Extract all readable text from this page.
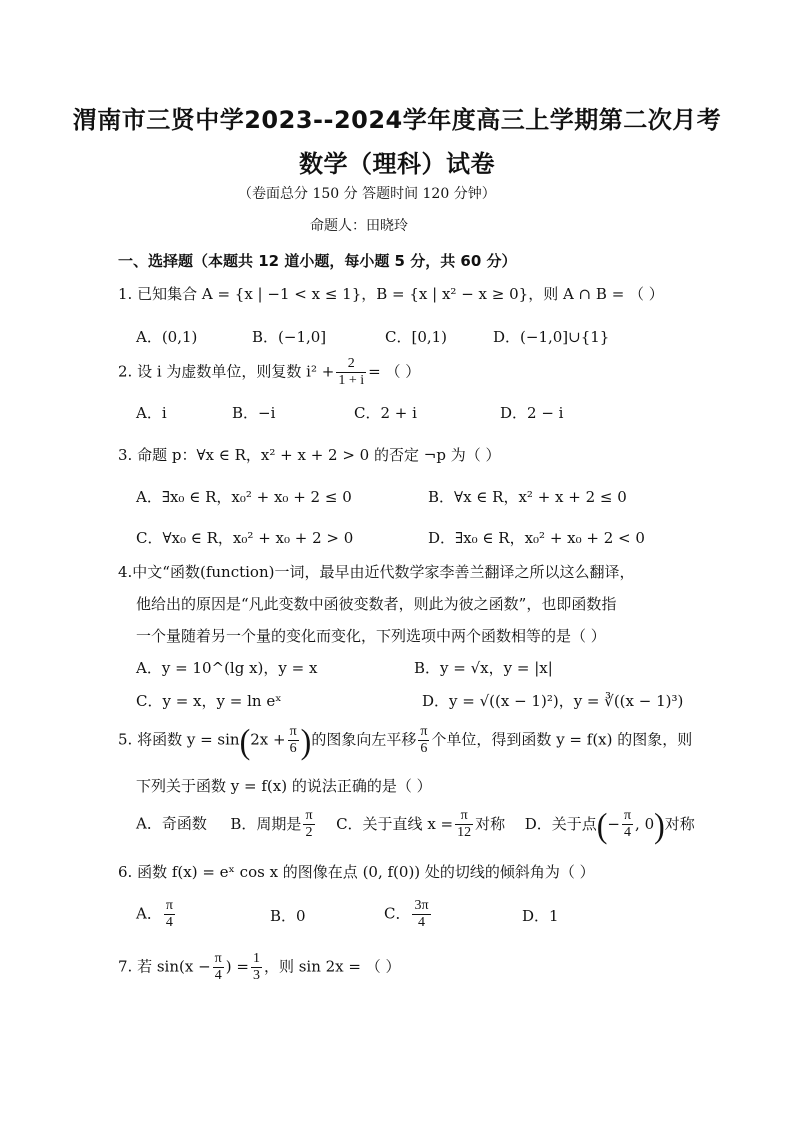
渭南市三贤中学2023--2024学年度高三上学期第二次月考
数学（理科）试卷
（卷面总分 150 分 答题时间 120 分钟）
命题人：田晓玲
一、选择题（本题共 12 道小题，每小题 5 分，共 60 分）
1. 已知集合 A = {x | −1 < x ≤ 1}，B = {x | x² − x ≥ 0}，则 A ∩ B = （ ）
A．(0,1)	B．(−1,0]	C．[0,1)	D．(−1,0]∪{1}
2. 设 i 为虚数单位，则复数 $i^2 + \frac{2}{1 + i}$ = （ ）
A．i	B．−i	C．2 + i	D．2 − i
3. 命题 p：∀x ∈ R，x² + x + 2 > 0 的否定 ¬p 为（ ）
A．∃x₀ ∈ R，x₀² + x₀ + 2 ≤ 0	B．∀x ∈ R，x² + x + 2 ≤ 0
C．∀x₀ ∈ R，x₀² + x₀ + 2 > 0	D．∃x₀ ∈ R，x₀² + x₀ + 2 < 0
4.中文“函数(function)一词，最早由近代数学家李善兰翻译之所以这么翻译，
他给出的原因是“凡此变数中函彼变数者，则此为彼之函数”，也即函数指
一个量随着另一个量的变化而变化，下列选项中两个函数相等的是（ ）
A．y = 10^(lg x)，y = x	B．y = √x，y = |x|
C．y = x，y = ln eˣ	D．y = √((x − 1)²)，y = ∛((x − 1)³)
5. 将函数 $y = \sin(2x + \frac{\pi}{6}$ )的图象向左平移 $\frac{\pi}{6}$ 个单位，得到函数 y = f(x) 的图象，则
下列关于函数 y = f(x) 的说法正确的是（ ）
A．奇函数 B．周期是 $\frac{\pi}{2}$ C．关于直线 $x = \frac{\pi}{12}$ 对称 D．关于点(− $\frac{\pi}{4}$ , 0)对称
6. 函数 f(x) = eˣ cos x 的图像在点 (0, f(0)) 处的切线的倾斜角为（ ）
A． $\frac{\pi}{4}$	B．0	C． $\frac{3\pi}{4}$	D．1
7. 若 $\sin(x - \frac{\pi}{4}$ ) = $\frac{1}{3}$ ，则 sin 2x = （ ）
